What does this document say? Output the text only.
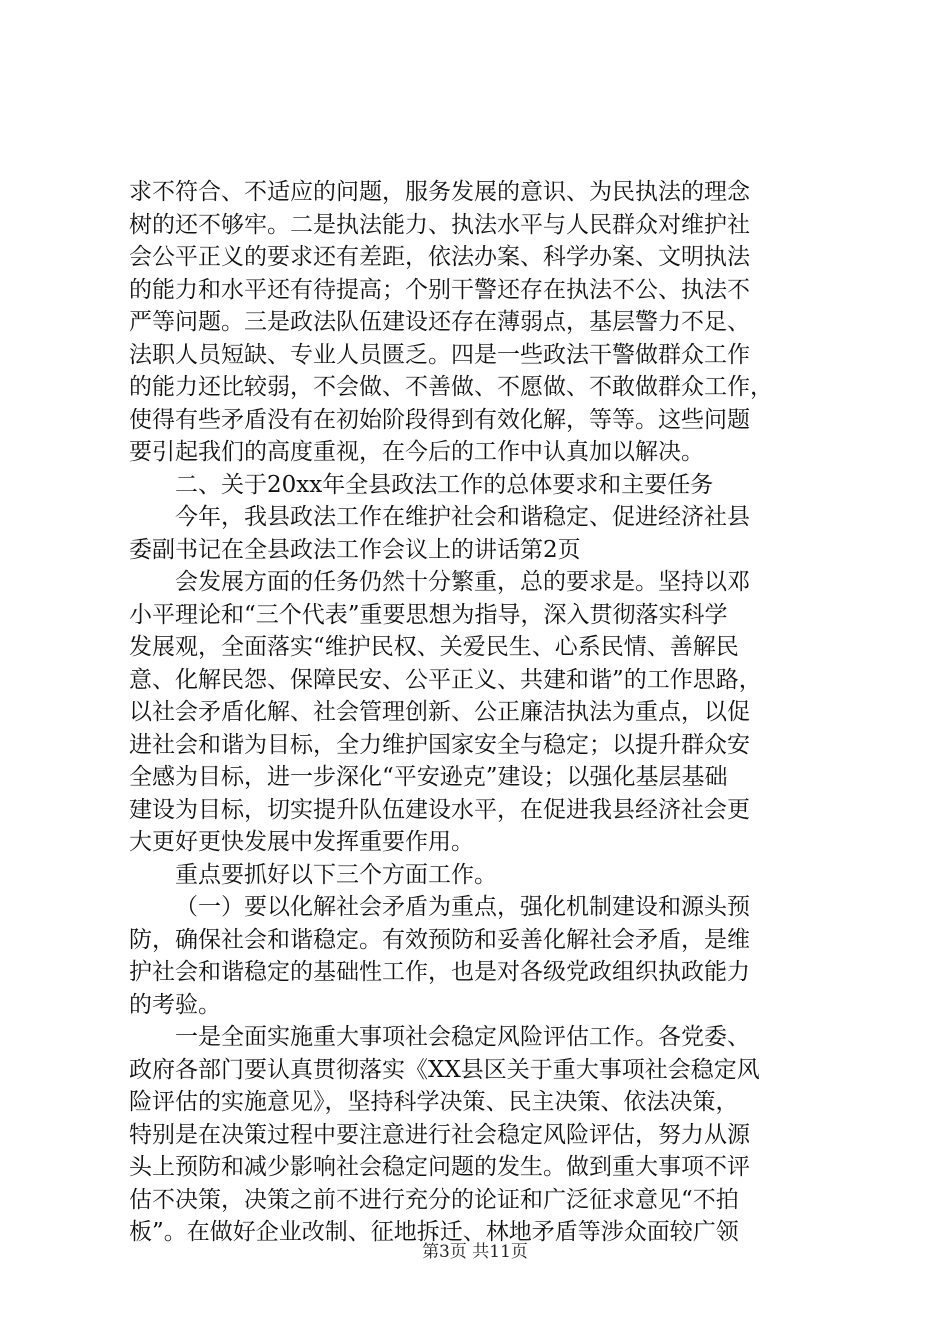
求不符合、不适应的问题，服务发展的意识、为民执法的理念
树的还不够牢。二是执法能力、执法水平与人民群众对维护社
会公平正义的要求还有差距，依法办案、科学办案、文明执法
的能力和水平还有待提高；个别干警还存在执法不公、执法不
严等问题。三是政法队伍建设还存在薄弱点，基层警力不足、
法职人员短缺、专业人员匮乏。四是一些政法干警做群众工作
的能力还比较弱，不会做、不善做、不愿做、不敢做群众工作，
使得有些矛盾没有在初始阶段得到有效化解，等等。这些问题
要引起我们的高度重视，在今后的工作中认真加以解决。
二、关于20xx年全县政法工作的总体要求和主要任务
今年，我县政法工作在维护社会和谐稳定、促进经济社县
委副书记在全县政法工作会议上的讲话第2页
会发展方面的任务仍然十分繁重，总的要求是。坚持以邓
小平理论和“三个代表”重要思想为指导，深入贯彻落实科学
发展观，全面落实“维护民权、关爱民生、心系民情、善解民
意、化解民怨、保障民安、公平正义、共建和谐”的工作思路，
以社会矛盾化解、社会管理创新、公正廉洁执法为重点，以促
进社会和谐为目标，全力维护国家安全与稳定；以提升群众安
全感为目标，进一步深化“平安逊克”建设；以强化基层基础
建设为目标，切实提升队伍建设水平，在促进我县经济社会更
大更好更快发展中发挥重要作用。
重点要抓好以下三个方面工作。
（一）要以化解社会矛盾为重点，强化机制建设和源头预
防，确保社会和谐稳定。有效预防和妥善化解社会矛盾，是维
护社会和谐稳定的基础性工作，也是对各级党政组织执政能力
的考验。
一是全面实施重大事项社会稳定风险评估工作。各党委、
政府各部门要认真贯彻落实《XX县区关于重大事项社会稳定风
险评估的实施意见》，坚持科学决策、民主决策、依法决策，
特别是在决策过程中要注意进行社会稳定风险评估，努力从源
头上预防和减少影响社会稳定问题的发生。做到重大事项不评
估不决策，决策之前不进行充分的论证和广泛征求意见“不拍
板”。在做好企业改制、征地拆迁、林地矛盾等涉众面较广领
第3页 共11页
